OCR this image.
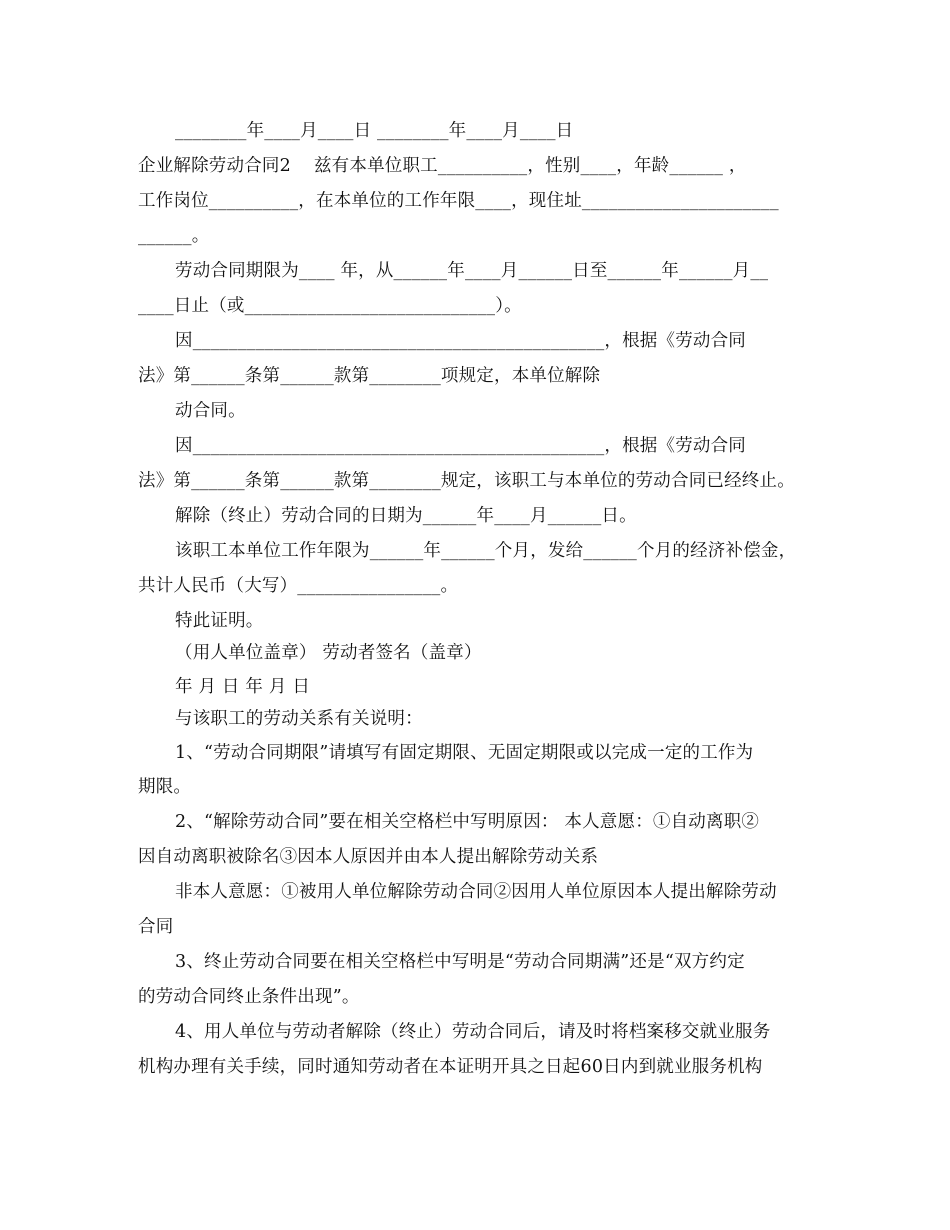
________年____月____日 ________年____月____日
企业解除劳动合同2    兹有本单位职工__________，性别____，年龄______ ，
工作岗位__________，在本单位的工作年限____，现住址______________________
______。
劳动合同期限为____ 年，从______年____月______日至______年______月__
____日止（或____________________________）。
因______________________________________________，根据《劳动合同
法》第______条第______款第________项规定，本单位解除
动合同。
因______________________________________________，根据《劳动合同
法》第______条第______款第________规定，该职工与本单位的劳动合同已经终止。
解除（终止）劳动合同的日期为______年____月______日。
该职工本单位工作年限为______年______个月，发给______个月的经济补偿金，
共计人民币（大写）________________。
特此证明。
（用人单位盖章） 劳动者签名（盖章）
年 月 日 年 月 日
与该职工的劳动关系有关说明：
1、“劳动合同期限”请填写有固定期限、无固定期限或以完成一定的工作为
期限。
2、“解除劳动合同”要在相关空格栏中写明原因： 本人意愿：①自动离职②
因自动离职被除名③因本人原因并由本人提出解除劳动关系
非本人意愿：①被用人单位解除劳动合同②因用人单位原因本人提出解除劳动
合同
3、终止劳动合同要在相关空格栏中写明是“劳动合同期满”还是“双方约定
的劳动合同终止条件出现”。
4、用人单位与劳动者解除（终止）劳动合同后，请及时将档案移交就业服务
机构办理有关手续，同时通知劳动者在本证明开具之日起60日内到就业服务机构
